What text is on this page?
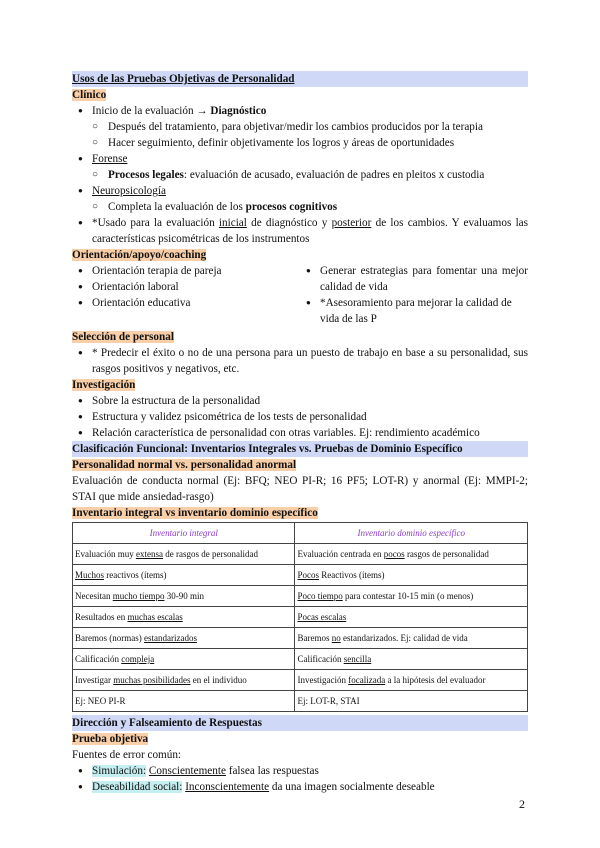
Usos de las Pruebas Objetivas de Personalidad
Clínico
● Inicio de la evaluación → Diagnóstico
○ Después del tratamiento, para objetivar/medir los cambios producidos por la terapia
○ Hacer seguimiento, definir objetivamente los logros y áreas de oportunidades
● Forense
○ Procesos legales: evaluación de acusado, evaluación de padres en pleitos x custodia
● Neuropsicología
○ Completa la evaluación de los procesos cognitivos
● *Usado para la evaluación inicial de diagnóstico y posterior de los cambios. Y evaluamos las características psicométricas de los instrumentos
Orientación/apoyo/coaching
● Orientación terapia de pareja
● Orientación laboral
● Orientación educativa
● Generar estrategias para fomentar una mejor calidad de vida
● *Asesoramiento para mejorar la calidad de vida de las P
Selección de personal
● * Predecir el éxito o no de una persona para un puesto de trabajo en base a su personalidad, sus rasgos positivos y negativos, etc.
Investigación
● Sobre la estructura de la personalidad
● Estructura y validez psicométrica de los tests de personalidad
● Relación característica de personalidad con otras variables. Ej: rendimiento académico
Clasificación Funcional: Inventarios Integrales vs. Pruebas de Dominio Específico
Personalidad normal vs. personalidad anormal
Evaluación de conducta normal (Ej: BFQ; NEO PI-R; 16 PF5; LOT-R) y anormal (Ej: MMPI-2; STAI que mide ansiedad-rasgo)
Inventario integral vs inventario dominio específico
Inventario integral	Inventario dominio específico
Evaluación muy extensa de rasgos de personalidad	Evaluación centrada en pocos rasgos de personalidad
Muchos reactivos (ítems)	Pocos Reactivos (ítems)
Necesitan mucho tiempo 30-90 min	Poco tiempo para contestar 10-15 min (o menos)
Resultados en muchas escalas	Pocas escalas
Baremos (normas) estandarizados	Baremos no estandarizados. Ej: calidad de vida
Calificación compleja	Calificación sencilla
Investigar muchas posibilidades en el individuo	Investigación focalizada a la hipótesis del evaluador
Ej: NEO PI-R	Ej: LOT-R, STAI
Dirección y Falseamiento de Respuestas
Prueba objetiva
Fuentes de error común:
● Simulación: Conscientemente falsea las respuestas
● Deseabilidad social: Inconscientemente da una imagen socialmente deseable
2
